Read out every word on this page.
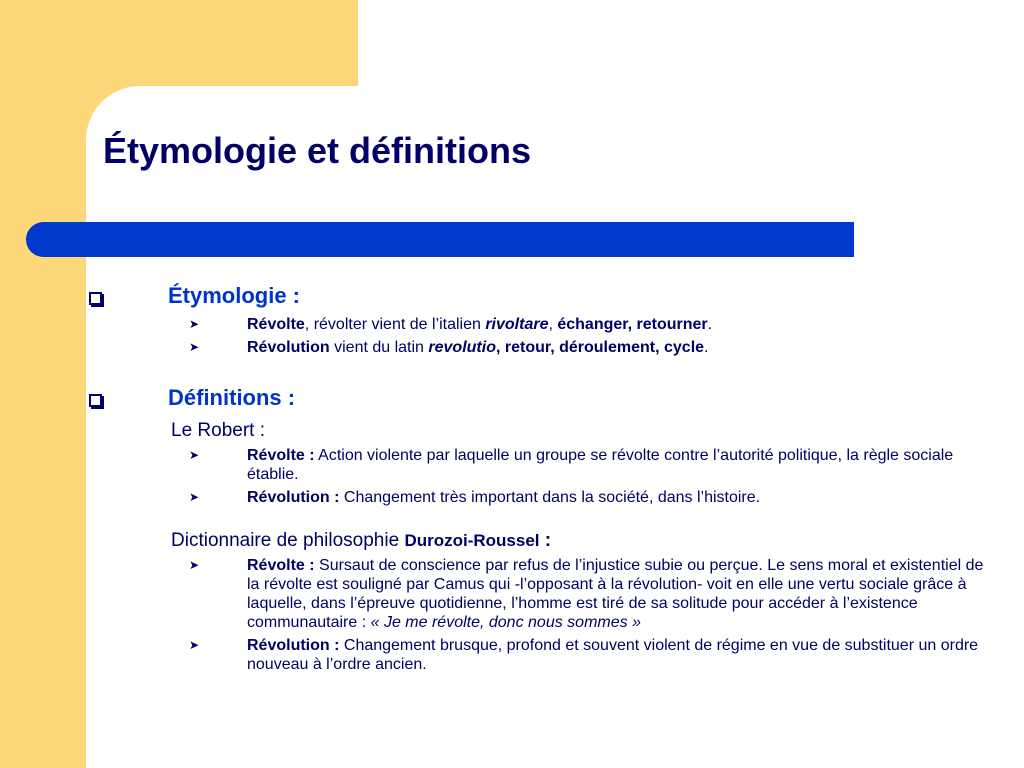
Étymologie et définitions
Étymologie :
➤	Révolte, révolter vient de l’italien rivoltare, échanger, retourner.
➤	Révolution vient du latin revolutio, retour, déroulement, cycle.
Définitions :
Le Robert :
➤	Révolte : Action violente par laquelle un groupe se révolte contre l’autorité politique, la règle sociale établie.
➤	Révolution : Changement très important dans la société, dans l’histoire.
Dictionnaire de philosophie Durozoi-Roussel :
➤	Révolte : Sursaut de conscience par refus de l’injustice subie ou perçue. Le sens moral et existentiel de la révolte est souligné par Camus qui -l’opposant à la révolution- voit en elle une vertu sociale grâce à laquelle, dans l’épreuve quotidienne, l’homme est tiré de sa solitude pour accéder à l’existence communautaire : « Je me révolte, donc nous sommes »
➤	Révolution : Changement brusque, profond et souvent violent de régime en vue de substituer un ordre nouveau à l’ordre ancien.
